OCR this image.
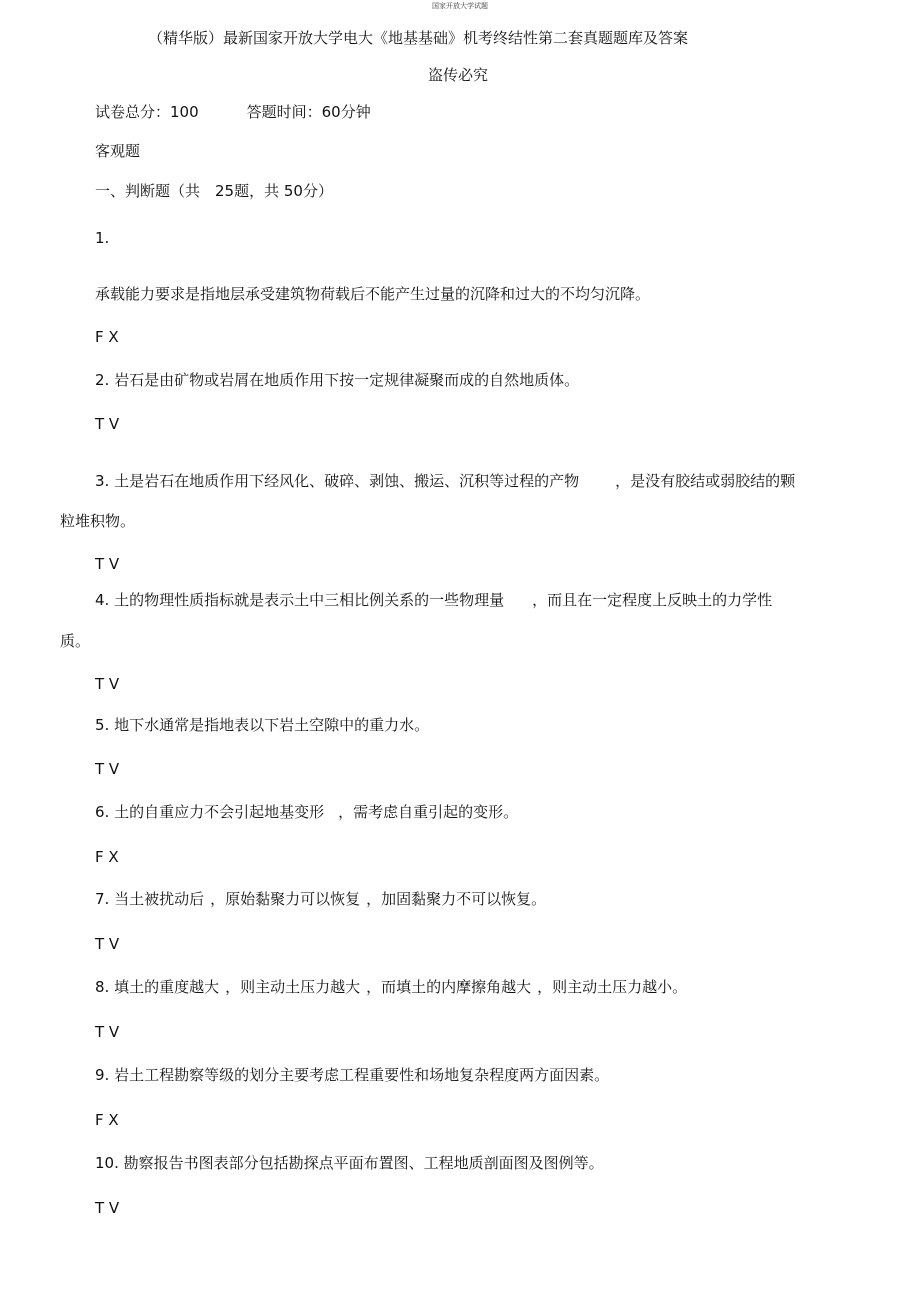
国家开放大学试题
（精华版）最新国家开放大学电大《地基基础》机考终结性第二套真题题库及答案
盗传必究
试卷总分：100	答题时间：60分钟
客观题
一、判断题（共　25题，共 50分）
1.
承载能力要求是指地层承受建筑物荷载后不能产生过量的沉降和过大的不均匀沉降。
F X
2. 岩石是由矿物或岩屑在地质作用下按一定规律凝聚而成的自然地质体。
T V
3. 土是岩石在地质作用下经风化、破碎、剥蚀、搬运、沉积等过程的产物 ，是没有胶结或弱胶结的颗
粒堆积物。
T V
4. 土的物理性质指标就是表示土中三相比例关系的一些物理量 ，而且在一定程度上反映土的力学性
质。
T V
5. 地下水通常是指地表以下岩土空隙中的重力水。
T V
6. 土的自重应力不会引起地基变形 ，需考虑自重引起的变形。
F X
7. 当土被扰动后 ，原始黏聚力可以恢复 ，加固黏聚力不可以恢复。
T V
8. 填土的重度越大 ，则主动土压力越大 ，而填土的内摩擦角越大 ，则主动土压力越小。
T V
9. 岩土工程勘察等级的划分主要考虑工程重要性和场地复杂程度两方面因素。
F X
10. 勘察报告书图表部分包括勘探点平面布置图、工程地质剖面图及图例等。
T V
